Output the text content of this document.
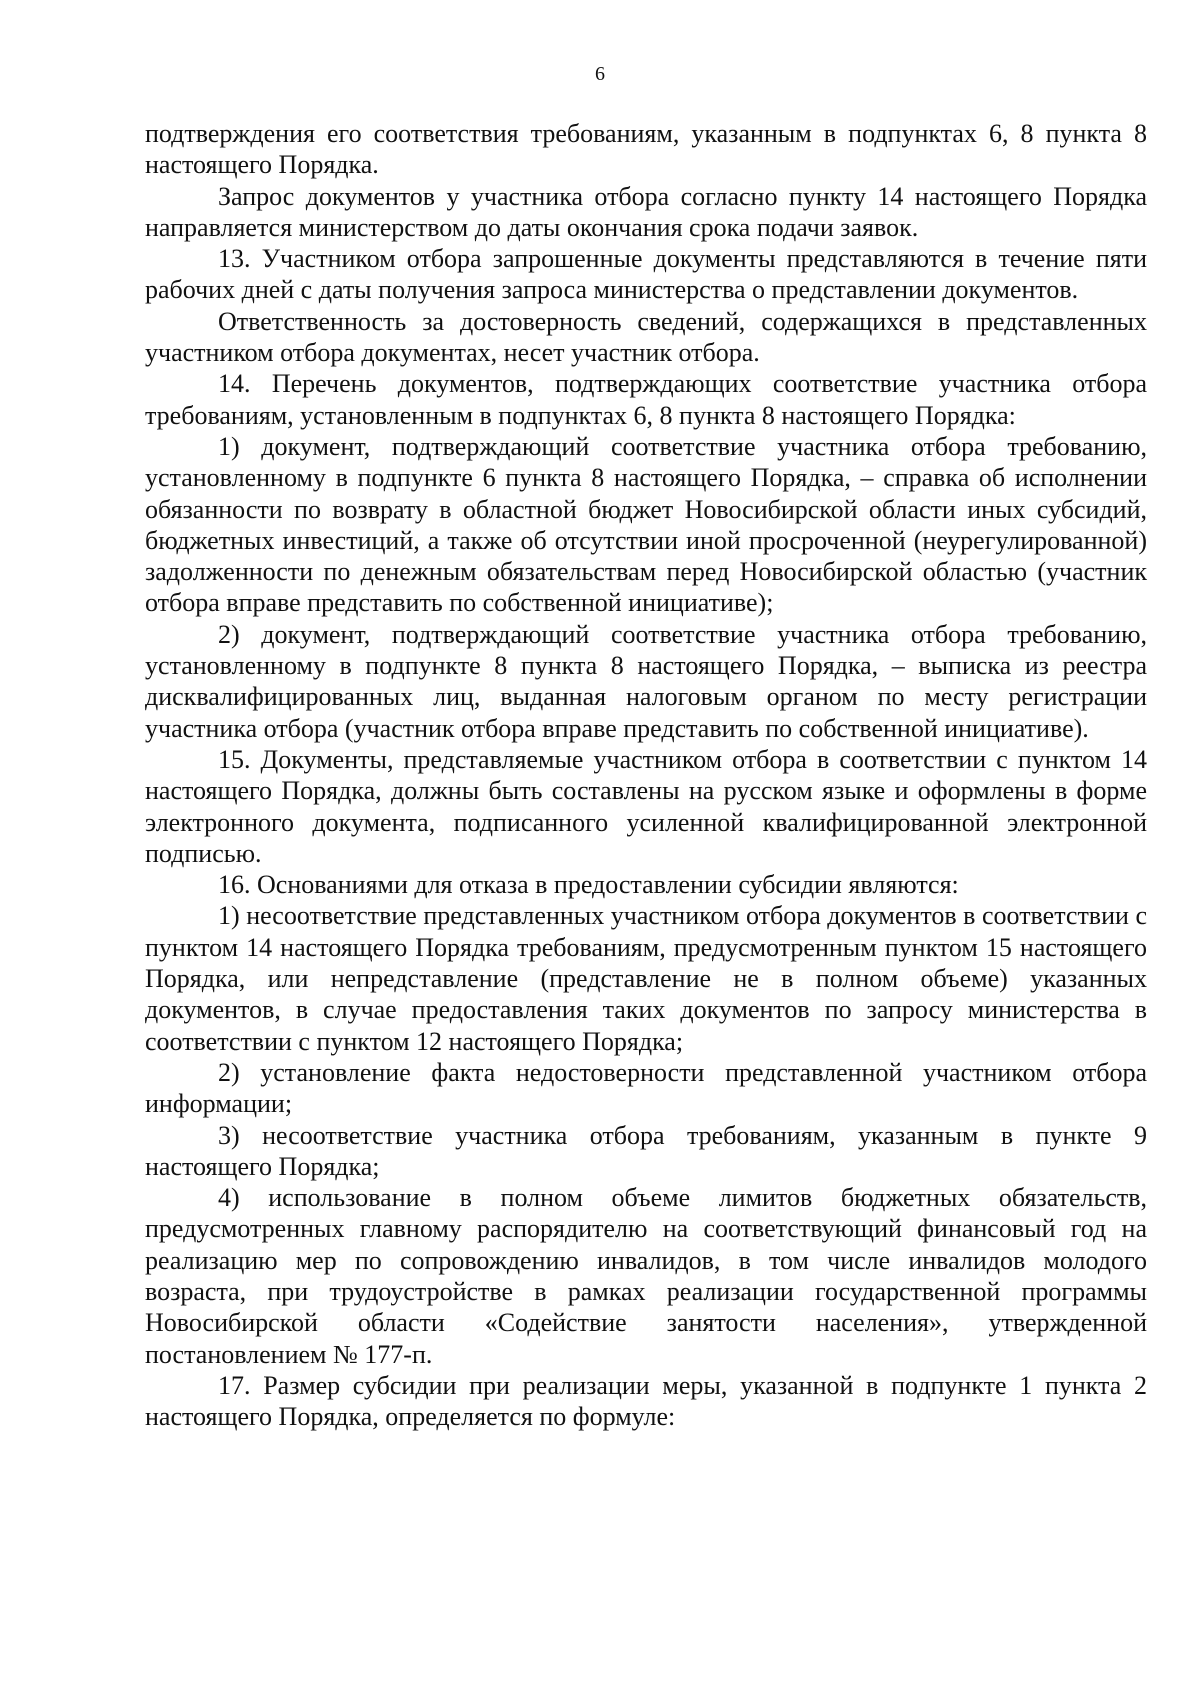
6

подтверждения его соответствия требованиям, указанным в подпунктах 6, 8 пункта 8 настоящего Порядка.

Запрос документов у участника отбора согласно пункту 14 настоящего Порядка направляется министерством до даты окончания срока подачи заявок.

13. Участником отбора запрошенные документы представляются в течение пяти рабочих дней с даты получения запроса министерства о представлении документов.

Ответственность за достоверность сведений, содержащихся в представленных участником отбора документах, несет участник отбора.

14. Перечень документов, подтверждающих соответствие участника отбора требованиям, установленным в подпунктах 6, 8 пункта 8 настоящего Порядка:

1) документ, подтверждающий соответствие участника отбора требованию, установленному в подпункте 6 пункта 8 настоящего Порядка, – справка об исполнении обязанности по возврату в областной бюджет Новосибирской области иных субсидий, бюджетных инвестиций, а также об отсутствии иной просроченной (неурегулированной) задолженности по денежным обязательствам перед Новосибирской областью (участник отбора вправе представить по собственной инициативе);

2) документ, подтверждающий соответствие участника отбора требованию, установленному в подпункте 8 пункта 8 настоящего Порядка, – выписка из реестра дисквалифицированных лиц, выданная налоговым органом по месту регистрации участника отбора (участник отбора вправе представить по собственной инициативе).

15. Документы, представляемые участником отбора в соответствии с пунктом 14 настоящего Порядка, должны быть составлены на русском языке и оформлены в форме электронного документа, подписанного усиленной квалифицированной электронной подписью.

16. Основаниями для отказа в предоставлении субсидии являются:

1) несоответствие представленных участником отбора документов в соответствии с пунктом 14 настоящего Порядка требованиям, предусмотренным пунктом 15 настоящего Порядка, или непредставление (представление не в полном объеме) указанных документов, в случае предоставления таких документов по запросу министерства в соответствии с пунктом 12 настоящего Порядка;

2) установление факта недостоверности представленной участником отбора информации;

3) несоответствие участника отбора требованиям, указанным в пункте 9 настоящего Порядка;

4) использование в полном объеме лимитов бюджетных обязательств, предусмотренных главному распорядителю на соответствующий финансовый год на реализацию мер по сопровождению инвалидов, в том числе инвалидов молодого возраста, при трудоустройстве в рамках реализации государственной программы Новосибирской области «Содействие занятости населения», утвержденной постановлением № 177-п.

17. Размер субсидии при реализации меры, указанной в подпункте 1 пункта 2 настоящего Порядка, определяется по формуле:
